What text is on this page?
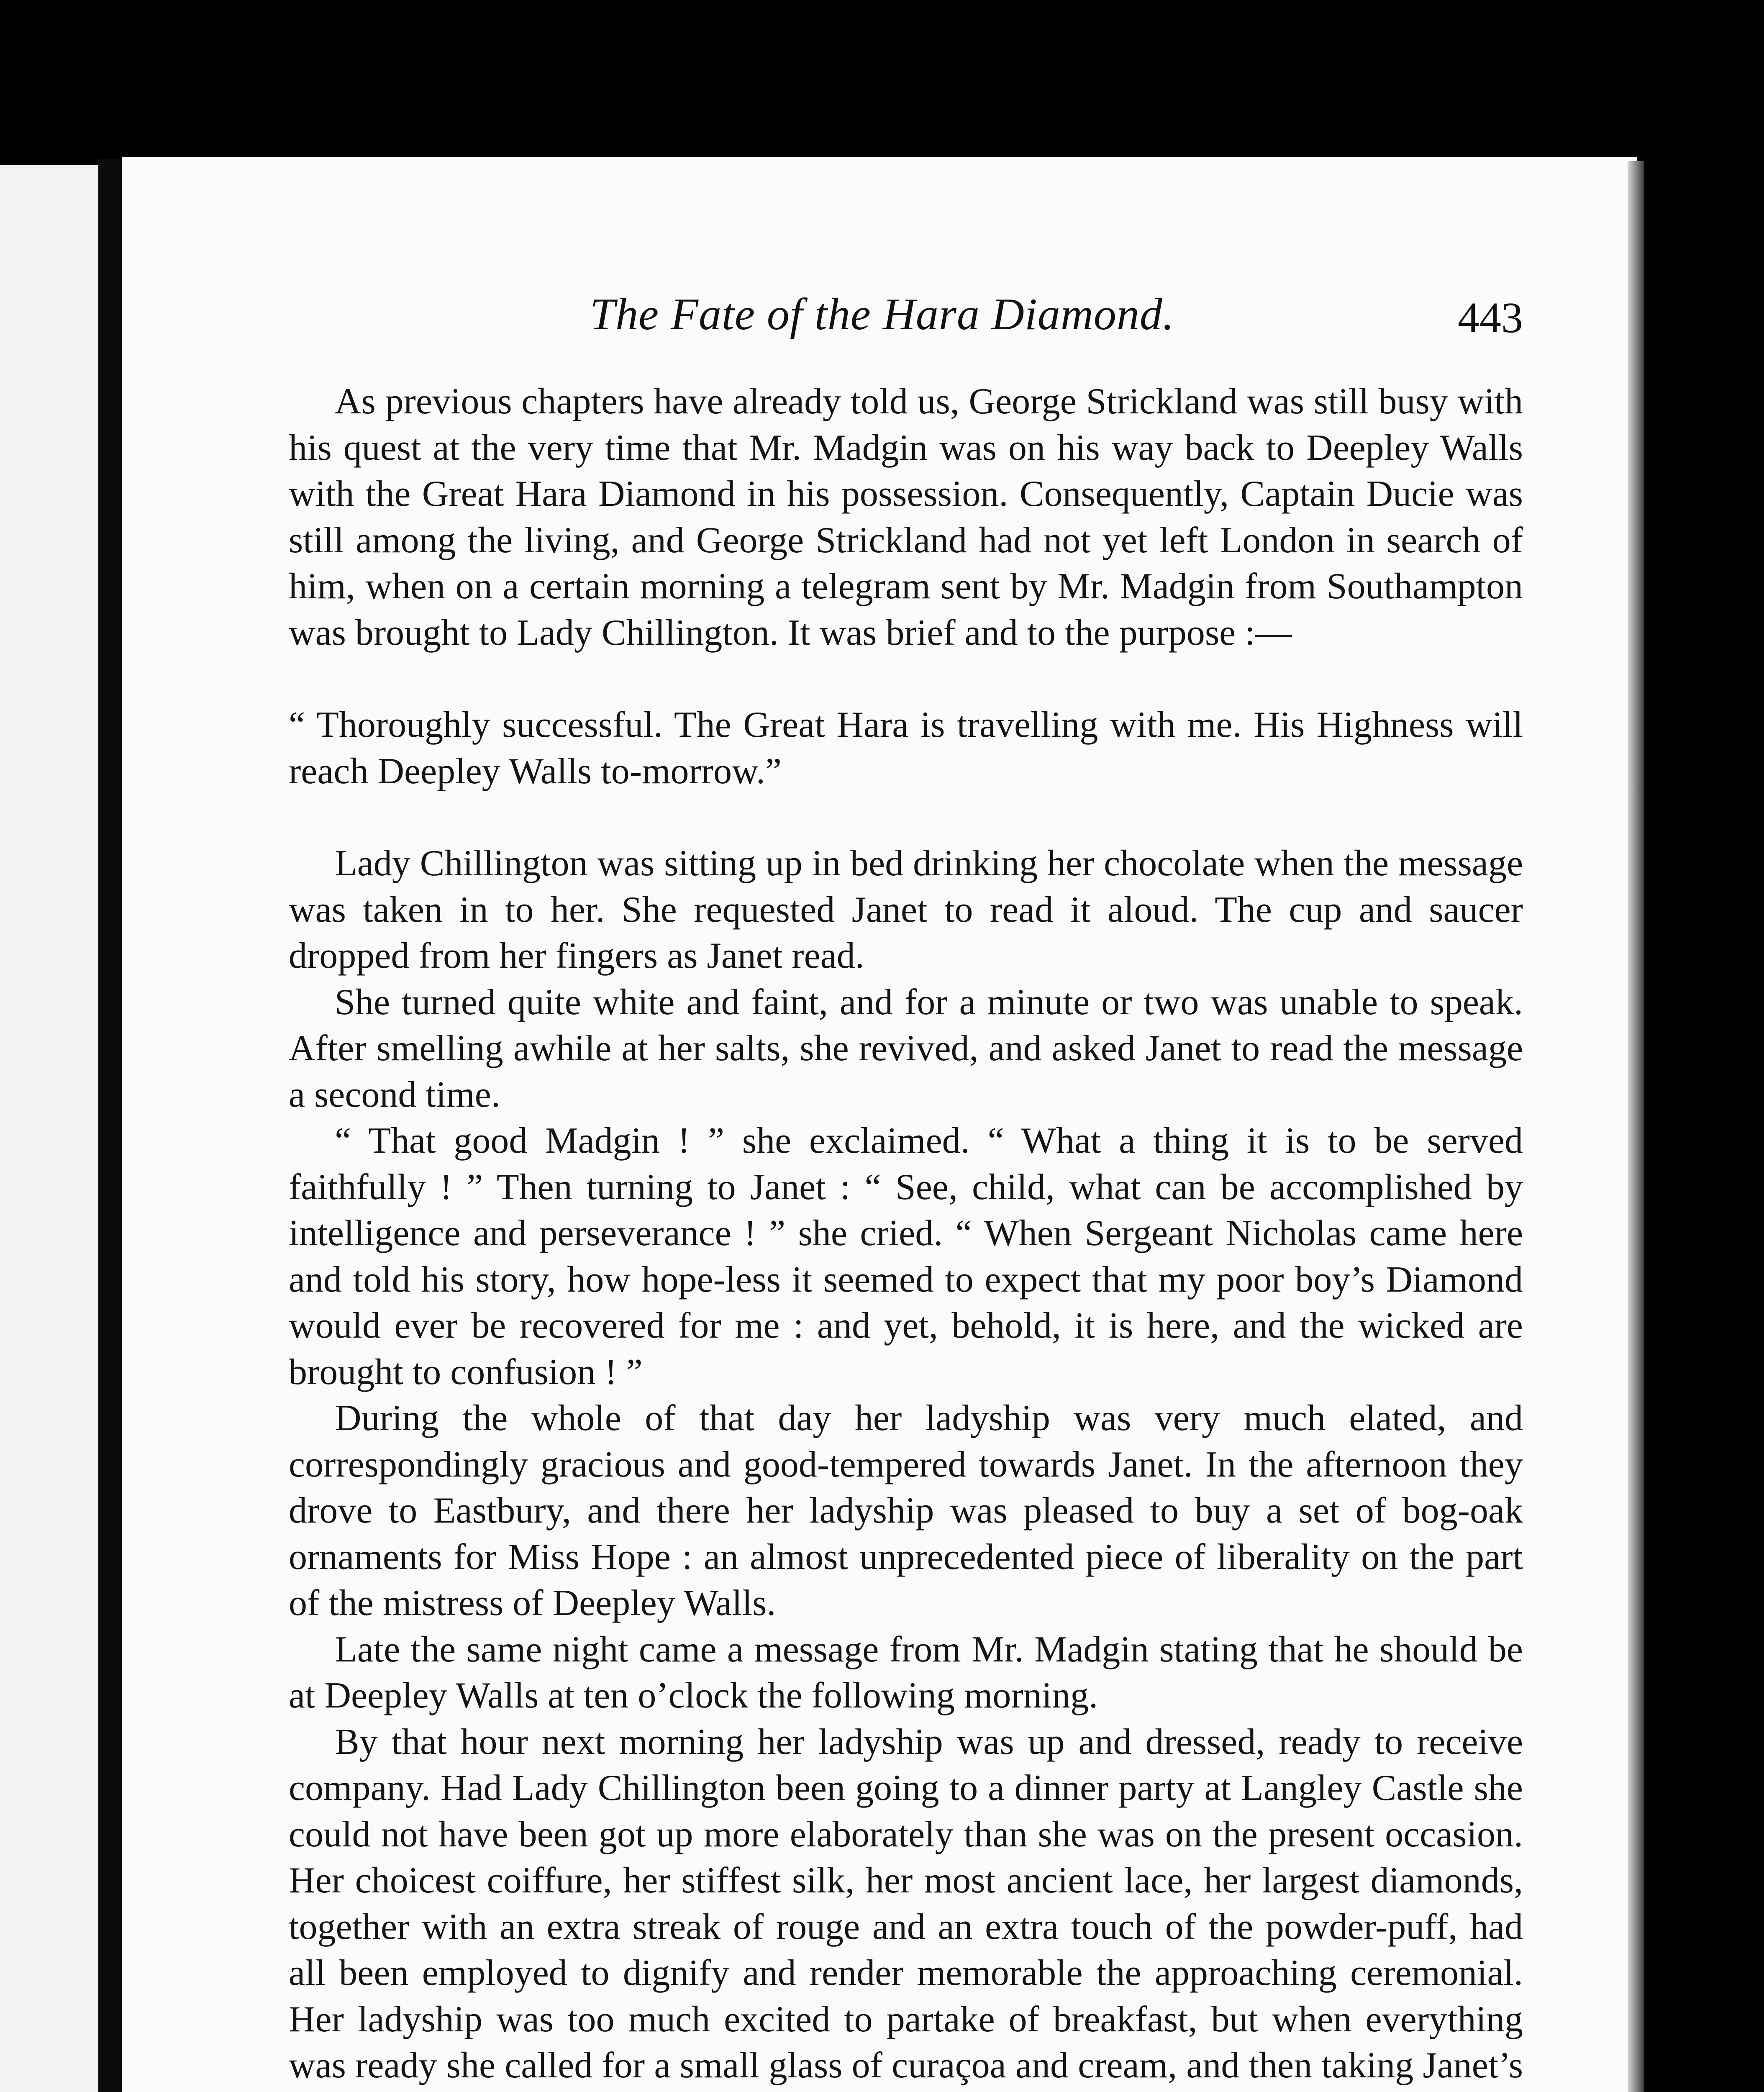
The Fate of the Hara Diamond.	443

As previous chapters have already told us, George Strickland was still busy with his quest at the very time that Mr. Madgin was on his way back to Deepley Walls with the Great Hara Diamond in his possession. Consequently, Captain Ducie was still among the living, and George Strickland had not yet left London in search of him, when on a certain morning a telegram sent by Mr. Madgin from Southampton was brought to Lady Chillington. It was brief and to the purpose :—

“ Thoroughly successful. The Great Hara is travelling with me. His Highness will reach Deepley Walls to-morrow.”

Lady Chillington was sitting up in bed drinking her chocolate when the message was taken in to her. She requested Janet to read it aloud. The cup and saucer dropped from her fingers as Janet read.

She turned quite white and faint, and for a minute or two was unable to speak. After smelling awhile at her salts, she revived, and asked Janet to read the message a second time.

“ That good Madgin ! ” she exclaimed. “ What a thing it is to be served faithfully ! ” Then turning to Janet : “ See, child, what can be accomplished by intelligence and perseverance ! ” she cried. “ When Sergeant Nicholas came here and told his story, how hope-less it seemed to expect that my poor boy’s Diamond would ever be recovered for me : and yet, behold, it is here, and the wicked are brought to confusion ! ”

During the whole of that day her ladyship was very much elated, and correspondingly gracious and good-tempered towards Janet. In the afternoon they drove to Eastbury, and there her ladyship was pleased to buy a set of bog-oak ornaments for Miss Hope : an almost unprecedented piece of liberality on the part of the mistress of Deepley Walls.

Late the same night came a message from Mr. Madgin stating that he should be at Deepley Walls at ten o’clock the following morning.

By that hour next morning her ladyship was up and dressed, ready to receive company. Had Lady Chillington been going to a dinner party at Langley Castle she could not have been got up more elaborately than she was on the present occasion. Her choicest coiffure, her stiffest silk, her most ancient lace, her largest diamonds, together with an extra streak of rouge and an extra touch of the powder-puff, had all been employed to dignify and render memorable the approaching ceremonial. Her ladyship was too much excited to partake of breakfast, but when everything was ready she called for a small glass of curaçoa and cream, and then taking Janet’s
